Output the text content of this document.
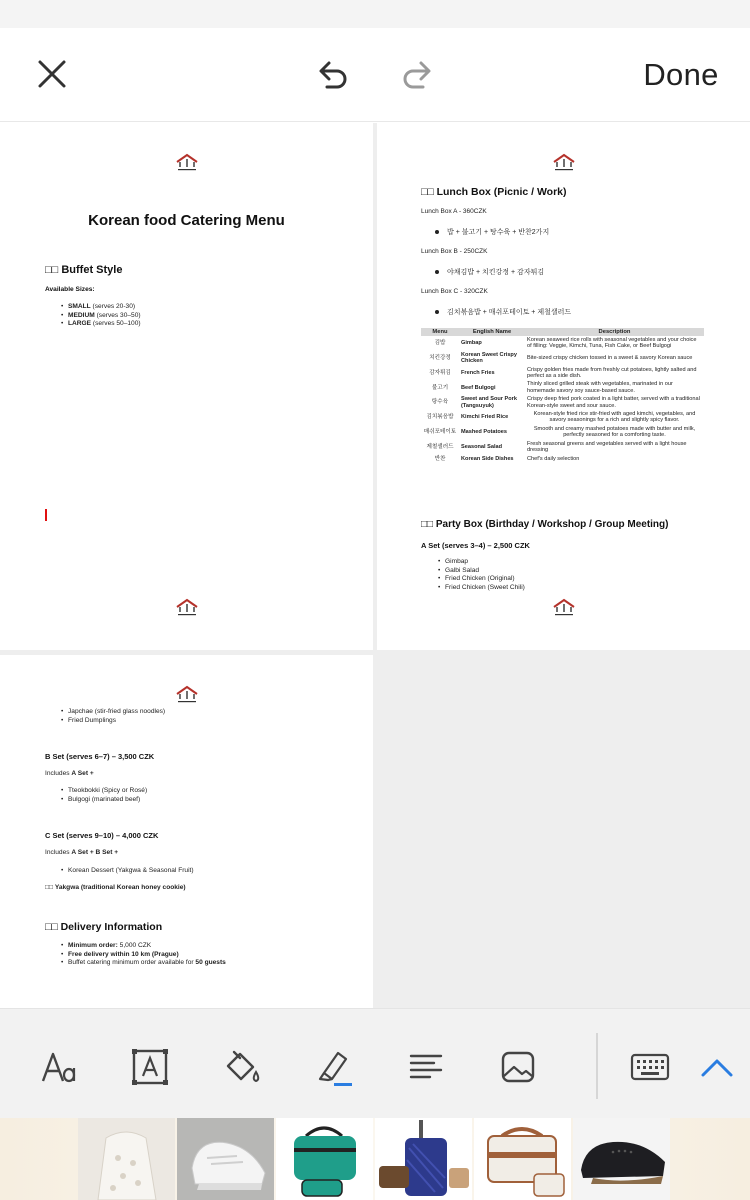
Done
Korean food Catering Menu
□□ Buffet Style
Available Sizes:
• SMALL (serves 20-30)
• MEDIUM (serves 30–50)
• LARGE (serves 50–100)
□□ Lunch Box (Picnic / Work)
Lunch Box A - 360CZK
밥 + 불고기 + 탕수육 + 반찬2가지
Lunch Box B - 250CZK
야채김밥 + 치킨강정 + 감자튀김
Lunch Box C - 320CZK
김치볶음밥 + 매쉬포테이토 + 제철샐러드
Menu	English Name	Description
김밥	Gimbap	Korean seaweed rice rolls with seasonal vegetables and your choice of filling: Veggie, Kimchi, Tuna, Fish Cake, or Beef Bulgogi
치킨강정	Korean Sweet Crispy Chicken	Bite-sized crispy chicken tossed in a sweet & savory Korean sauce
감자튀김	French Fries	Crispy golden fries made from freshly cut potatoes, lightly salted and perfect as a side dish.
불고기	Beef Bulgogi	Thinly sliced grilled steak with vegetables, marinated in our homemade savory soy sauce-based sauce.
탕수육	Sweet and Sour Pork (Tangsuyuk)	Crispy deep fried pork coated in a light batter, served with a traditional Korean-style sweet and sour sauce.
김치볶음밥	Kimchi Fried Rice	Korean-style fried rice stir-fried with aged kimchi, vegetables, and savory seasonings for a rich and slightly spicy flavor.
매쉬포테이토	Mashed Potatoes	Smooth and creamy mashed potatoes made with butter and milk, perfectly seasoned for a comforting taste.
제철샐러드	Seasonal Salad	Fresh seasonal greens and vegetables served with a light house dressing
반찬	Korean Side Dishes	Chef's daily selection
□□ Party Box (Birthday / Workshop / Group Meeting)
A Set (serves 3–4) – 2,500 CZK
• Gimbap
• Galbi Salad
• Fried Chicken (Original)
• Fried Chicken (Sweet Chili)
• Japchae (stir-fried glass noodles)
• Fried Dumplings
B Set (serves 6–7) – 3,500 CZK
Includes A Set +
• Tteokbokki (Spicy or Rosé)
• Bulgogi (marinated beef)
C Set (serves 9–10) – 4,000 CZK
Includes A Set + B Set +
• Korean Dessert (Yakgwa & Seasonal Fruit)
□□ Yakgwa (traditional Korean honey cookie)
□□ Delivery Information
• Minimum order: 5,000 CZK
• Free delivery within 10 km (Prague)
• Buffet catering minimum order available for 50 guests
